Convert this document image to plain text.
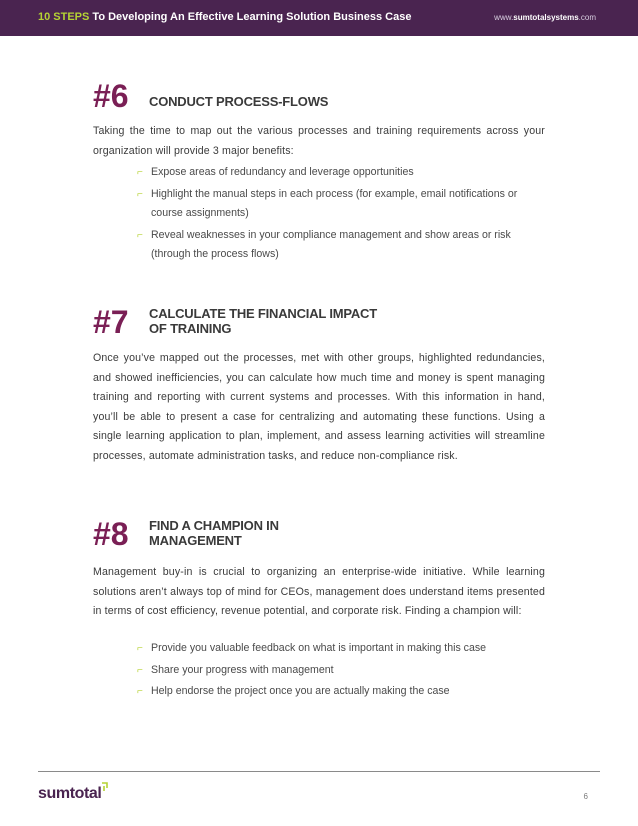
10 STEPS To Developing An Effective Learning Solution Business Case	www.sumtotalsystems.com
#6 CONDUCT PROCESS-FLOWS
Taking the time to map out the various processes and training requirements across your organization will provide 3 major benefits:
⌐ Expose areas of redundancy and leverage opportunities
⌐ Highlight the manual steps in each process (for example, email notifications or course assignments)
⌐ Reveal weaknesses in your compliance management and show areas or risk (through the process flows)
#7 CALCULATE THE FINANCIAL IMPACT
OF TRAINING
Once you’ve mapped out the processes, met with other groups, highlighted redundancies, and showed inefficiencies, you can calculate how much time and money is spent managing training and reporting with current systems and processes. With this information in hand, you’ll be able to present a case for centralizing and automating these functions. Using a single learning application to plan, implement, and assess learning activities will streamline processes, automate administration tasks, and reduce non-compliance risk.
#8 FIND A CHAMPION IN
MANAGEMENT
Management buy-in is crucial to organizing an enterprise-wide initiative. While learning solutions aren’t always top of mind for CEOs, management does understand items presented in terms of cost efficiency, revenue potential, and corporate risk. Finding a champion will:
⌐ Provide you valuable feedback on what is important in making this case
⌐ Share your progress with management
⌐ Help endorse the project once you are actually making the case
sumtotal	6
